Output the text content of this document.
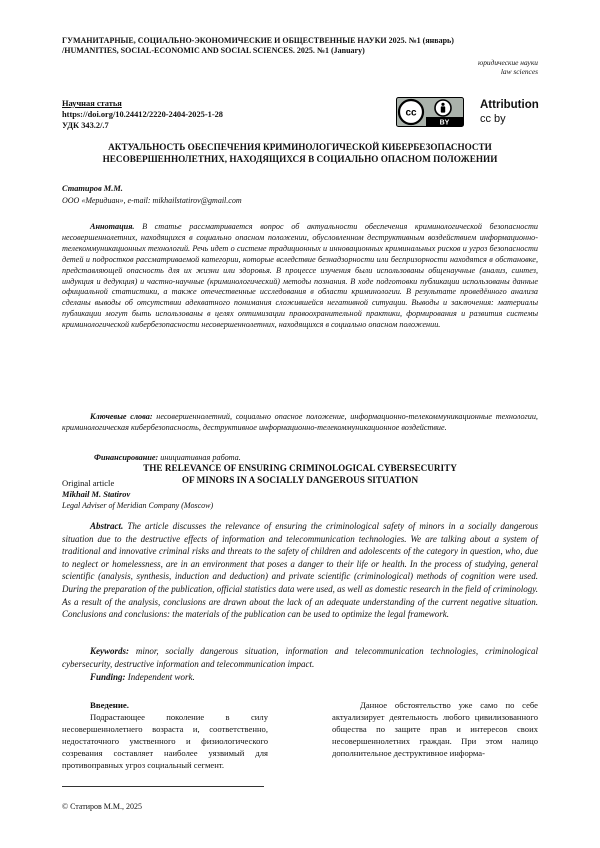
ГУМАНИТАРНЫЕ, СОЦИАЛЬНО-ЭКОНОМИЧЕСКИЕ И ОБЩЕСТВЕННЫЕ НАУКИ 2025. №1 (январь)
/HUMANITIES, SOCIAL-ECONOMIC AND SOCIAL SCIENCES. 2025. №1 (January)
юридические науки
law sciences
Научная статья
https://doi.org/10.24412/2220-2404-2025-1-28
УДК 343.2/.7
cc
BY
Attribution
cc by
АКТУАЛЬНОСТЬ ОБЕСПЕЧЕНИЯ КРИМИНОЛОГИЧЕСКОЙ КИБЕРБЕЗОПАСНОСТИ
НЕСОВЕРШЕННОЛЕТНИХ, НАХОДЯЩИХСЯ В СОЦИАЛЬНО ОПАСНОМ ПОЛОЖЕНИИ
Статиров М.М.
ООО «Меридиан», e-mail: mikhailstatirov@gmail.com

Аннотация. В статье рассматривается вопрос об актуальности обеспечения криминологической безопасности несовершеннолетних, находящихся в социально опасном положении, обусловленном деструктивным воздействием информационно-телекоммуникационных технологий. Речь идет о системе традиционных и инновационных криминальных рисков и угроз безопасности детей и подростков рассматриваемой категории, которые вследствие безнадзорности или беспризорности находятся в обстановке, представляющей опасность для их жизни или здоровья. В процессе изучения были использованы общенаучные (анализ, синтез, индукция и дедукция) и частно-научные (криминологический) методы познания. В ходе подготовки публикации использованы данные официальной статистики, а также отечественные исследования в области криминологии. В результате проведённого анализа сделаны выводы об отсутствии адекватного понимания сложившейся негативной ситуации. Выводы и заключения: материалы публикации могут быть использованы в целях оптимизации правоохранительной практики, формирования и развития системы криминологической кибербезопасности несовершеннолетних, находящихся в социально опасном положении.

Ключевые слова: несовершеннолетний, социально опасное положение, информационно-телекоммуникационные технологии, криминологическая кибербезопасность, деструктивное информационно-телекоммуникационное воздействие.

Финансирование: инициативная работа.

Original article
THE RELEVANCE OF ENSURING CRIMINOLOGICAL CYBERSECURITY
OF MINORS IN A SOCIALLY DANGEROUS SITUATION
Mikhail M. Statirov
Legal Adviser of Meridian Company (Moscow)

Abstract. The article discusses the relevance of ensuring the criminological safety of minors in a socially dangerous situation due to the destructive effects of information and telecommunication technologies. We are talking about a system of traditional and innovative criminal risks and threats to the safety of children and adolescents of the category in question, who, due to neglect or homelessness, are in an environment that poses a danger to their life or health. In the process of studying, general scientific (analysis, synthesis, induction and deduction) and private scientific (criminological) methods of cognition were used. During the preparation of the publication, official statistics data were used, as well as domestic research in the field of criminology. As a result of the analysis, conclusions are drawn about the lack of an adequate understanding of the current negative situation. Conclusions and conclusions: the materials of the publication can be used to optimize the legal framework.

Keywords: minor, socially dangerous situation, information and telecommunication technologies, criminological cybersecurity, destructive information and telecommunication impact.

Funding: Independent work.

Введение.

Подрастающее поколение в силу несовершеннолетнего возраста и, соответственно, недостаточного умственного и физиологического созревания составляет наиболее уязвимый для противоправных угроз социальный сегмент.

Данное обстоятельство уже само по себе актуализирует деятельность любого цивилизованного общества по защите прав и интересов своих несовершеннолетних граждан. При этом налицо дополнительное деструктивное информа-

© Статиров М.М., 2025
